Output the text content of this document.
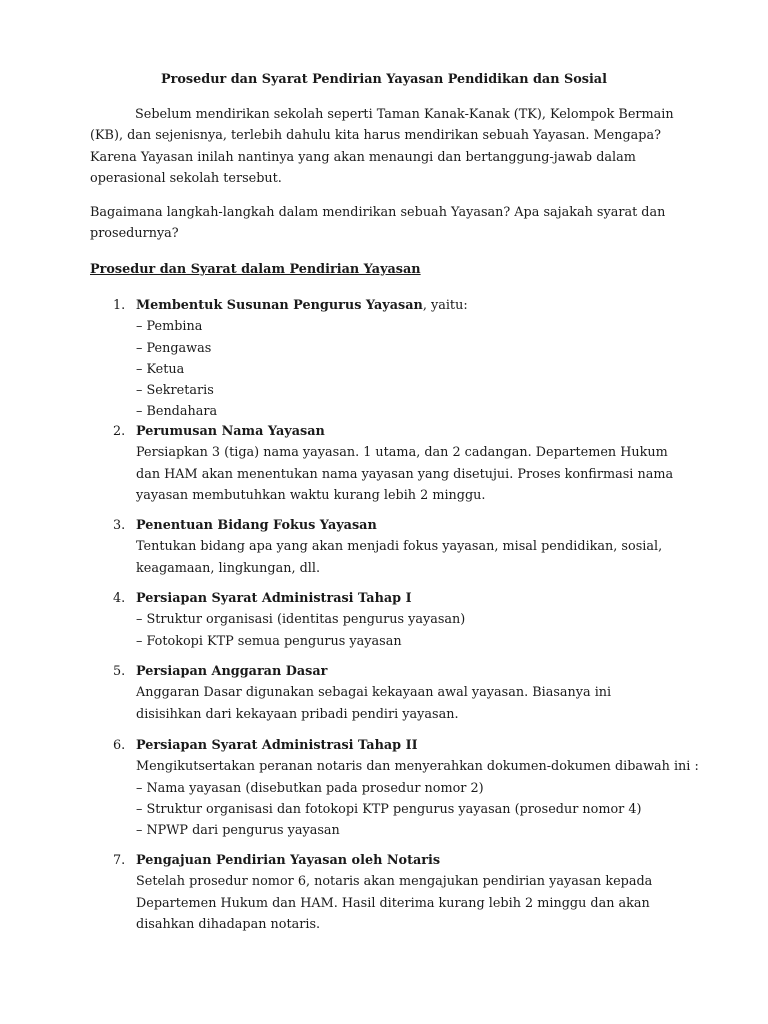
Prosedur dan Syarat Pendirian Yayasan Pendidikan dan Sosial

Sebelum mendirikan sekolah seperti Taman Kanak-Kanak (TK), Kelompok Bermain (KB), dan sejenisnya, terlebih dahulu kita harus mendirikan sebuah Yayasan. Mengapa? Karena Yayasan inilah nantinya yang akan menaungi dan bertanggung-jawab dalam operasional sekolah tersebut.

Bagaimana langkah-langkah dalam mendirikan sebuah Yayasan? Apa sajakah syarat dan prosedurnya?

Prosedur dan Syarat dalam Pendirian Yayasan

1. Membentuk Susunan Pengurus Yayasan, yaitu:
– Pembina
– Pengawas
– Ketua
– Sekretaris
– Bendahara
2. Perumusan Nama Yayasan
Persiapkan 3 (tiga) nama yayasan. 1 utama, dan 2 cadangan. Departemen Hukum dan HAM akan menentukan nama yayasan yang disetujui. Proses konfirmasi nama yayasan membutuhkan waktu kurang lebih 2 minggu.
3. Penentuan Bidang Fokus Yayasan
Tentukan bidang apa yang akan menjadi fokus yayasan, misal pendidikan, sosial, keagamaan, lingkungan, dll.
4. Persiapan Syarat Administrasi Tahap I
– Struktur organisasi (identitas pengurus yayasan)
– Fotokopi KTP semua pengurus yayasan
5. Persiapan Anggaran Dasar
Anggaran Dasar digunakan sebagai kekayaan awal yayasan. Biasanya ini disisihkan dari kekayaan pribadi pendiri yayasan.
6. Persiapan Syarat Administrasi Tahap II
Mengikutsertakan peranan notaris dan menyerahkan dokumen-dokumen dibawah ini :
– Nama yayasan (disebutkan pada prosedur nomor 2)
– Struktur organisasi dan fotokopi KTP pengurus yayasan (prosedur nomor 4)
– NPWP dari pengurus yayasan
7. Pengajuan Pendirian Yayasan oleh Notaris
Setelah prosedur nomor 6, notaris akan mengajukan pendirian yayasan kepada Departemen Hukum dan HAM. Hasil diterima kurang lebih 2 minggu dan akan disahkan dihadapan notaris.
